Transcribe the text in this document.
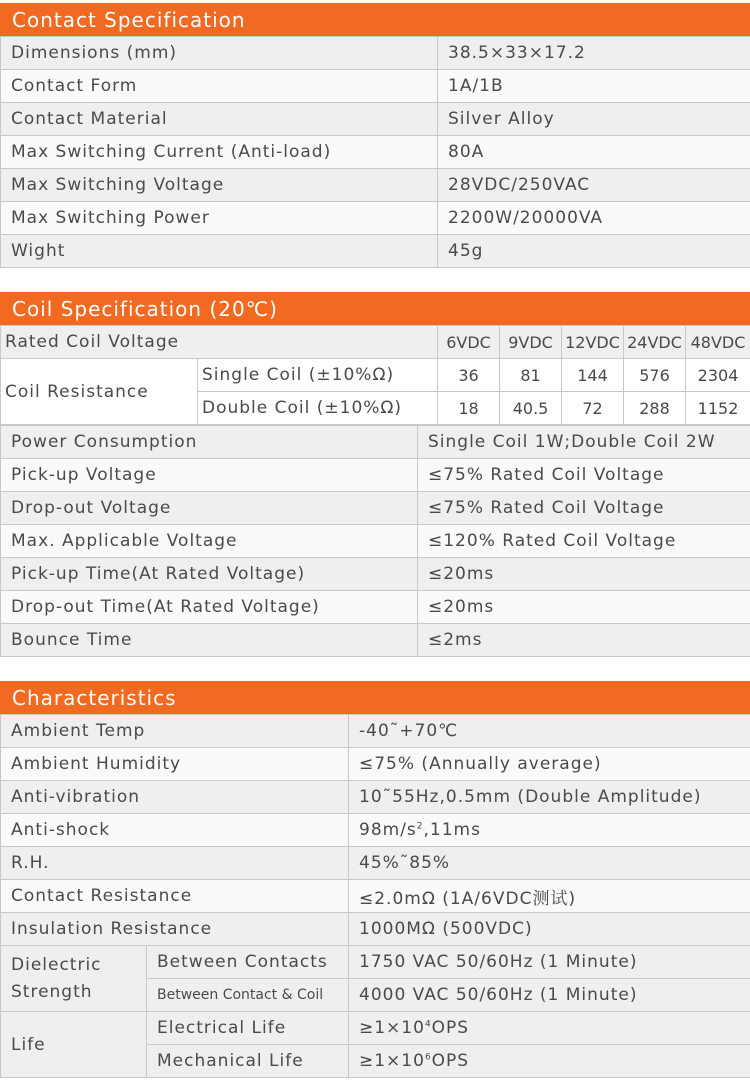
Contact Specification
Dimensions (mm)	38.5×33×17.2
Contact Form	1A/1B
Contact Material	Silver Alloy
Max Switching Current (Anti-load)	80A
Max Switching Voltage	28VDC/250VAC
Max Switching Power	2200W/20000VA
Wight	45g
Coil Specification (20℃)
Rated Coil Voltage		6VDC	9VDC	12VDC	24VDC	48VDC
Coil Resistance	Single Coil (±10%Ω)	36	81	144	576	2304
	Double Coil (±10%Ω)	18	40.5	72	288	1152
Power Consumption	Single Coil 1W;Double Coil 2W
Pick-up Voltage	≤75% Rated Coil Voltage
Drop-out Voltage	≤75% Rated Coil Voltage
Max. Applicable Voltage	≤120% Rated Coil Voltage
Pick-up Time(At Rated Voltage)	≤20ms
Drop-out Time(At Rated Voltage)	≤20ms
Bounce Time	≤2ms
Characteristics
Ambient Temp		-40˜+70℃
Ambient Humidity		≤75% (Annually average)
Anti-vibration		10˜55Hz,0.5mm (Double Amplitude)
Anti-shock		$98m/s^2,11ms$
R.H.		45%˜85%
Contact Resistance		≤2.0mΩ (1A/6VDC测试)
Insulation Resistance		1000MΩ (500VDC)
Dielectric Strength	Between Contacts	1750 VAC 50/60Hz (1 Minute)
	Between Contact & Coil	4000 VAC 50/60Hz (1 Minute)
Life	Electrical Life	$\ge 1\times 10^4OPS$
	Mechanical Life	$\ge 1\times 10^6OPS$
